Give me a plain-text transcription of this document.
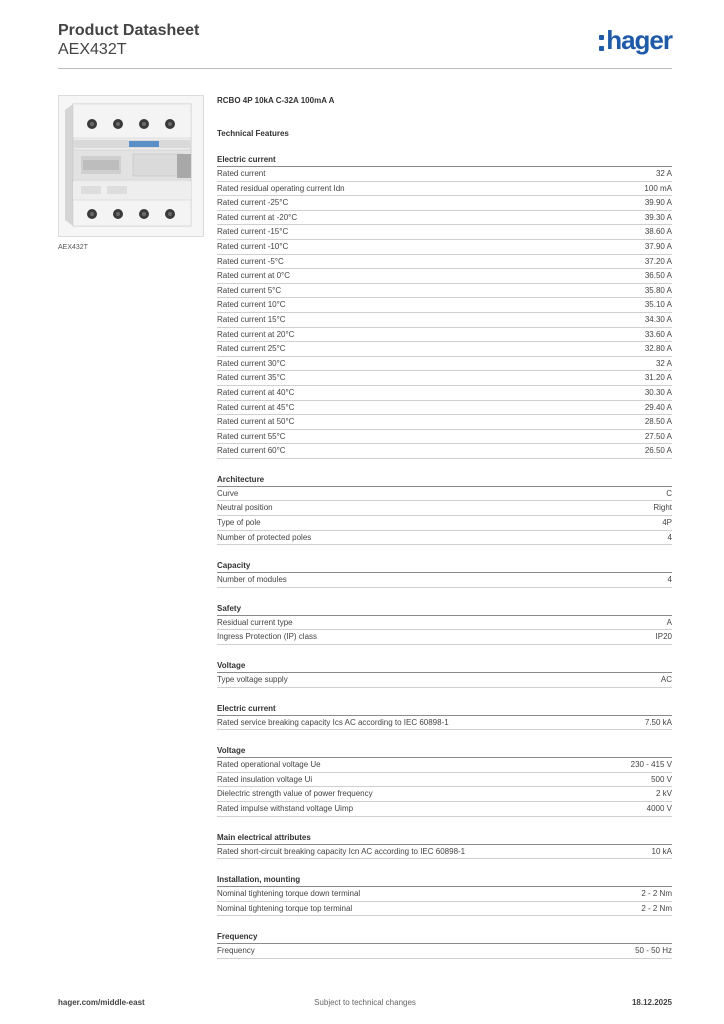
Product Datasheet
AEX432T	hager
AEX432T
RCBO 4P 10kA C-32A 100mA A
Technical Features
Electric current
Rated current	32 A
Rated residual operating current Idn	100 mA
Rated current -25°C	39.90 A
Rated current at -20°C	39.30 A
Rated current -15°C	38.60 A
Rated current -10°C	37.90 A
Rated current -5°C	37.20 A
Rated current at 0°C	36.50 A
Rated current 5°C	35.80 A
Rated current 10°C	35.10 A
Rated current 15°C	34.30 A
Rated current at 20°C	33.60 A
Rated current 25°C	32.80 A
Rated current 30°C	32 A
Rated current 35°C	31.20 A
Rated current at 40°C	30.30 A
Rated current at 45°C	29.40 A
Rated current at 50°C	28.50 A
Rated current 55°C	27.50 A
Rated current 60°C	26.50 A
Architecture
Curve	C
Neutral position	Right
Type of pole	4P
Number of protected poles	4
Capacity
Number of modules	4
Safety
Residual current type	A
Ingress Protection (IP) class	IP20
Voltage
Type voltage supply	AC
Electric current
Rated service breaking capacity Ics AC according to IEC 60898-1	7.50 kA
Voltage
Rated operational voltage Ue	230 - 415 V
Rated insulation voltage Ui	500 V
Dielectric strength value of power frequency	2 kV
Rated impulse withstand voltage Uimp	4000 V
Main electrical attributes
Rated short-circuit breaking capacity Icn AC according to IEC 60898-1	10 kA
Installation, mounting
Nominal tightening torque down terminal	2 - 2 Nm
Nominal tightening torque top terminal	2 - 2 Nm
Frequency
Frequency	50 - 50 Hz
hager.com/middle-east	Subject to technical changes	18.12.2025
